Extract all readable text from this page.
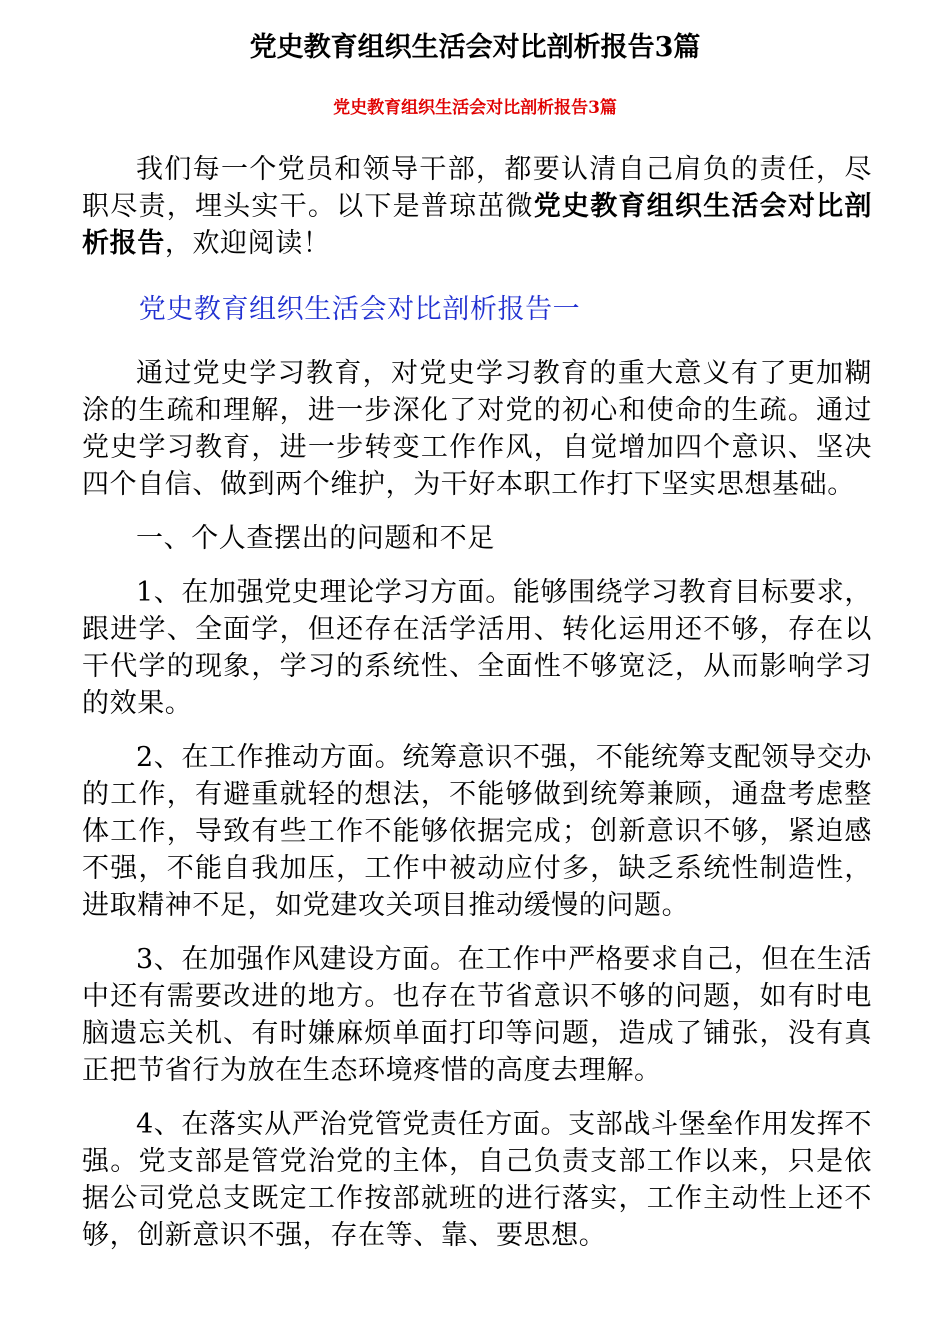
党史教育组织生活会对比剖析报告3篇
党史教育组织生活会对比剖析报告3篇

我们每一个党员和领导干部，都要认清自己肩负的责任，尽职尽责，埋头实干。以下是普琼茁微党史教育组织生活会对比剖析报告，欢迎阅读！

党史教育组织生活会对比剖析报告一

通过党史学习教育，对党史学习教育的重大意义有了更加糊涂的生疏和理解，进一步深化了对党的初心和使命的生疏。通过党史学习教育，进一步转变工作作风，自觉增加四个意识、坚决四个自信、做到两个维护，为干好本职工作打下坚实思想基础。

一、个人查摆出的问题和不足

1、在加强党史理论学习方面。能够围绕学习教育目标要求，跟进学、全面学，但还存在活学活用、转化运用还不够，存在以干代学的现象，学习的系统性、全面性不够宽泛，从而影响学习的效果。

2、在工作推动方面。统筹意识不强，不能统筹支配领导交办的工作，有避重就轻的想法，不能够做到统筹兼顾，通盘考虑整体工作，导致有些工作不能够依据完成；创新意识不够，紧迫感不强，不能自我加压，工作中被动应付多，缺乏系统性制造性，进取精神不足，如党建攻关项目推动缓慢的问题。

3、在加强作风建设方面。在工作中严格要求自己，但在生活中还有需要改进的地方。也存在节省意识不够的问题，如有时电脑遗忘关机、有时嫌麻烦单面打印等问题，造成了铺张，没有真正把节省行为放在生态环境疼惜的高度去理解。

4、在落实从严治党管党责任方面。支部战斗堡垒作用发挥不强。党支部是管党治党的主体，自己负责支部工作以来，只是依据公司党总支既定工作按部就班的进行落实，工作主动性上还不够，创新意识不强，存在等、靠、要思想。
